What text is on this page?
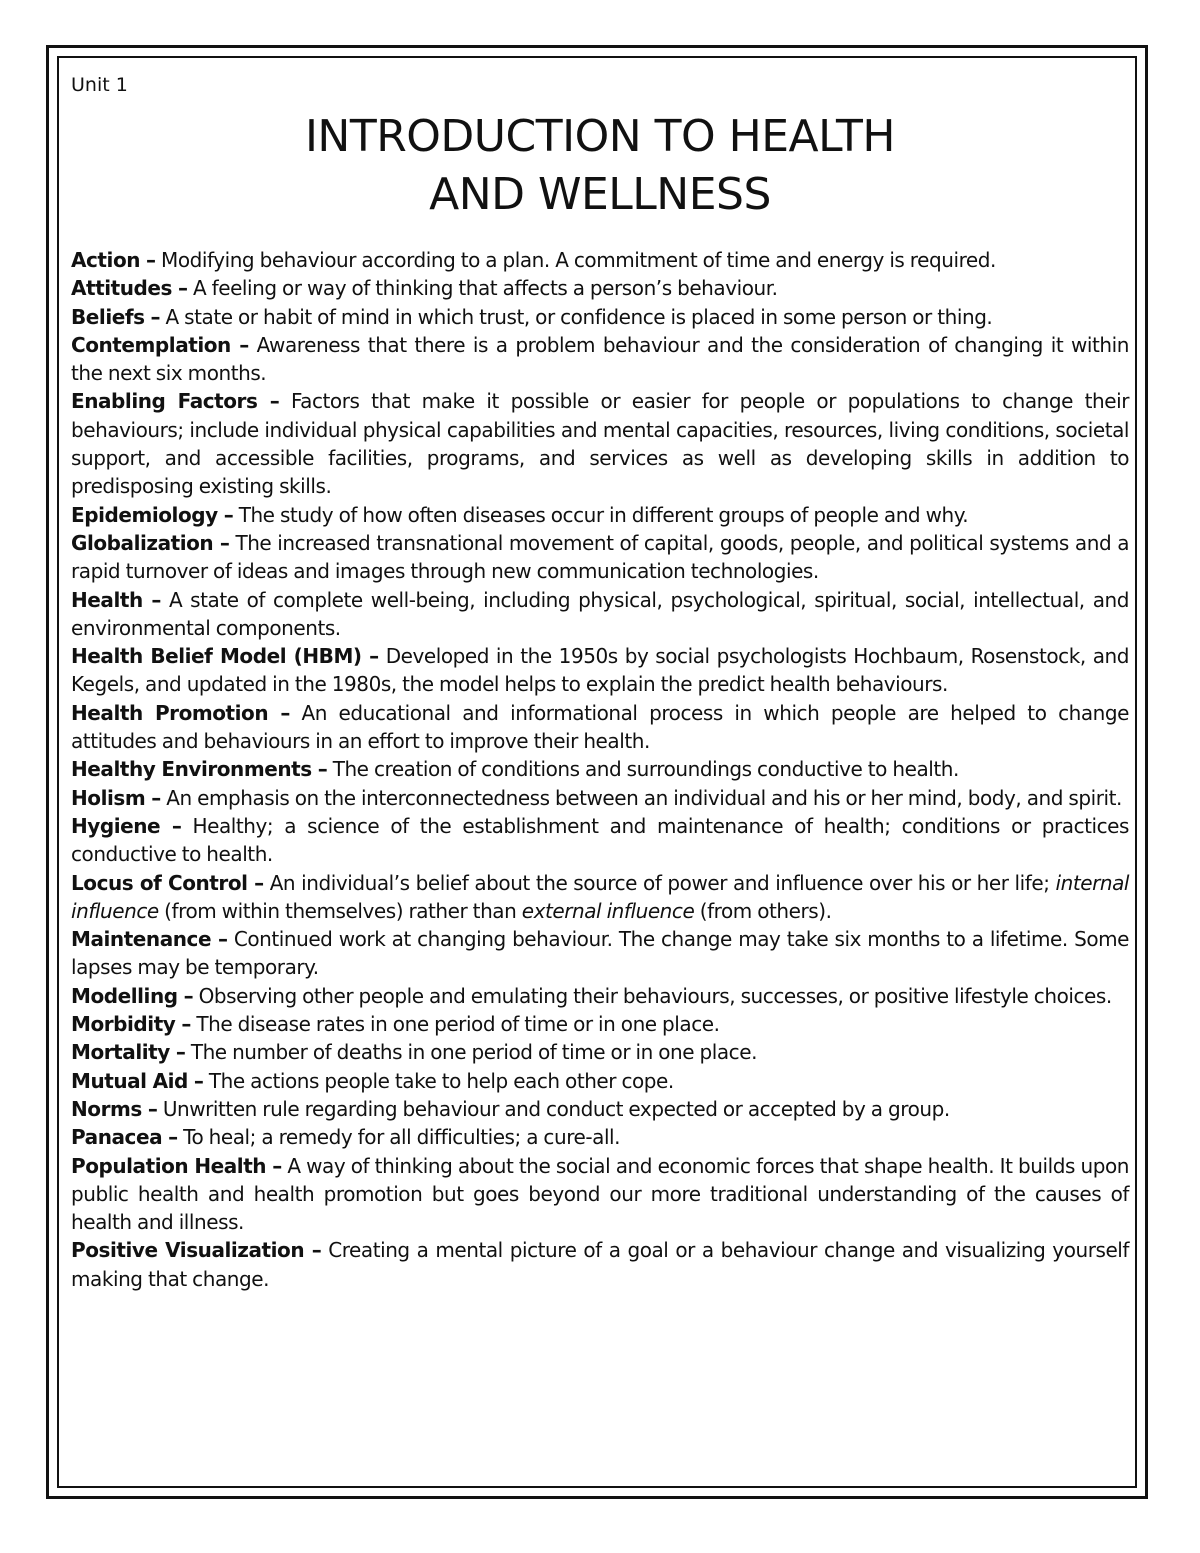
Unit 1

INTRODUCTION TO HEALTH
AND WELLNESS

Action – Modifying behaviour according to a plan. A commitment of time and energy is required.

Attitudes – A feeling or way of thinking that affects a person’s behaviour.

Beliefs – A state or habit of mind in which trust, or confidence is placed in some person or thing.

Contemplation – Awareness that there is a problem behaviour and the consideration of changing it within the next six months.

Enabling Factors – Factors that make it possible or easier for people or populations to change their behaviours; include individual physical capabilities and mental capacities, resources, living conditions, societal support, and accessible facilities, programs, and services as well as developing skills in addition to predisposing existing skills.

Epidemiology – The study of how often diseases occur in different groups of people and why.

Globalization – The increased transnational movement of capital, goods, people, and political systems and a rapid turnover of ideas and images through new communication technologies.

Health – A state of complete well-being, including physical, psychological, spiritual, social, intellectual, and environmental components.

Health Belief Model (HBM) – Developed in the 1950s by social psychologists Hochbaum, Rosenstock, and Kegels, and updated in the 1980s, the model helps to explain the predict health behaviours.

Health Promotion – An educational and informational process in which people are helped to change attitudes and behaviours in an effort to improve their health.

Healthy Environments – The creation of conditions and surroundings conductive to health.

Holism – An emphasis on the interconnectedness between an individual and his or her mind, body, and spirit.

Hygiene – Healthy; a science of the establishment and maintenance of health; conditions or practices conductive to health.

Locus of Control – An individual’s belief about the source of power and influence over his or her life; internal influence (from within themselves) rather than external influence (from others).

Maintenance – Continued work at changing behaviour. The change may take six months to a lifetime. Some lapses may be temporary.

Modelling – Observing other people and emulating their behaviours, successes, or positive lifestyle choices.

Morbidity – The disease rates in one period of time or in one place.

Mortality – The number of deaths in one period of time or in one place.

Mutual Aid – The actions people take to help each other cope.

Norms – Unwritten rule regarding behaviour and conduct expected or accepted by a group.

Panacea – To heal; a remedy for all difficulties; a cure-all.

Population Health – A way of thinking about the social and economic forces that shape health. It builds upon public health and health promotion but goes beyond our more traditional understanding of the causes of health and illness.

Positive Visualization – Creating a mental picture of a goal or a behaviour change and visualizing yourself making that change.
